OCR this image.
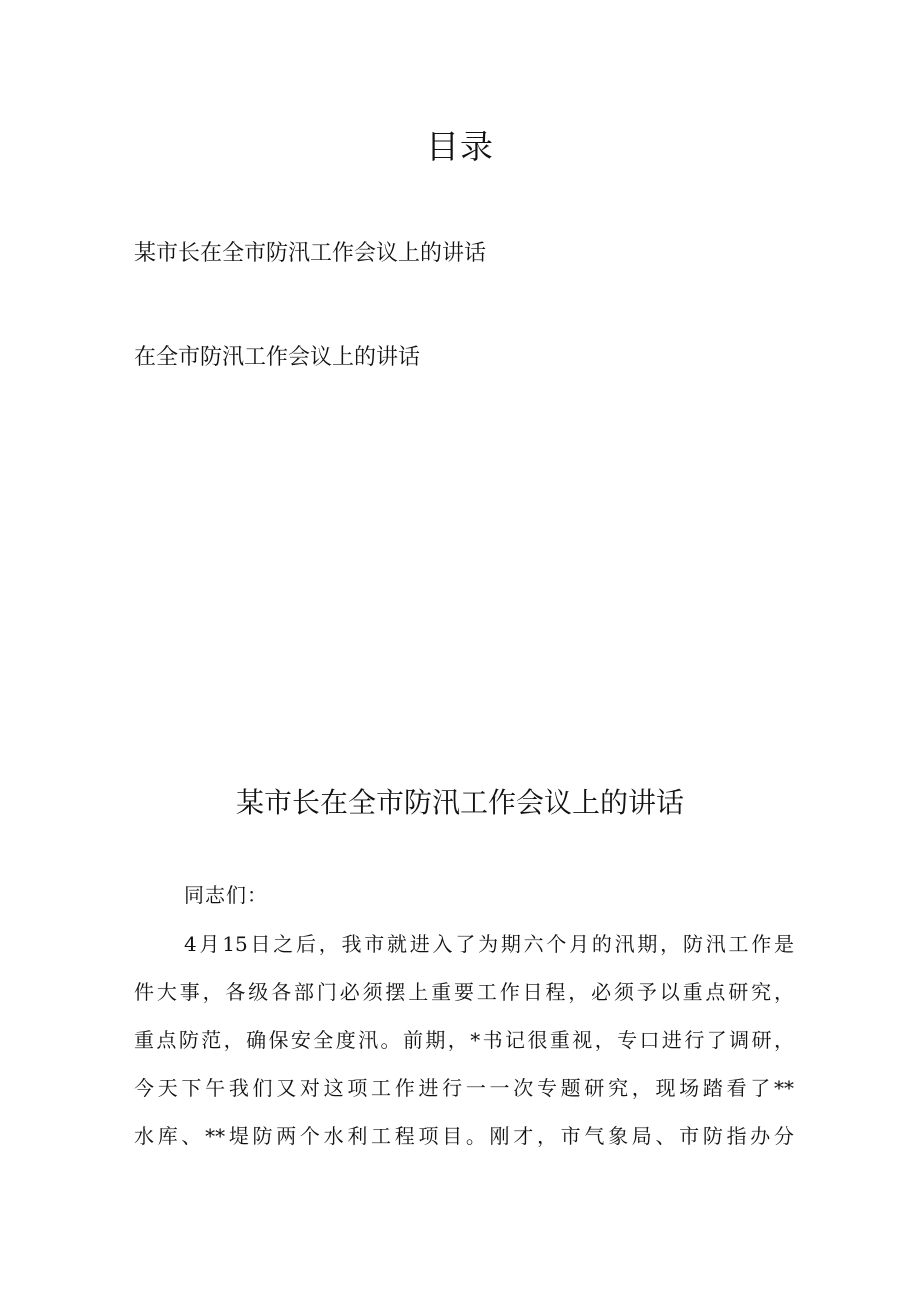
目录
某市长在全市防汛工作会议上的讲话
在全市防汛工作会议上的讲话
某市长在全市防汛工作会议上的讲话
同志们：
4月15日之后，我市就进入了为期六个月的汛期，防汛工作是
件大事，各级各部门必须摆上重要工作日程，必须予以重点研究，
重点防范，确保安全度汛。前期，*书记很重视，专口进行了调研，
今天下午我们又对这项工作进行一一次专题研究，现场踏看了**
水库、**堤防两个水利工程项目。刚才，市气象局、市防指办分
